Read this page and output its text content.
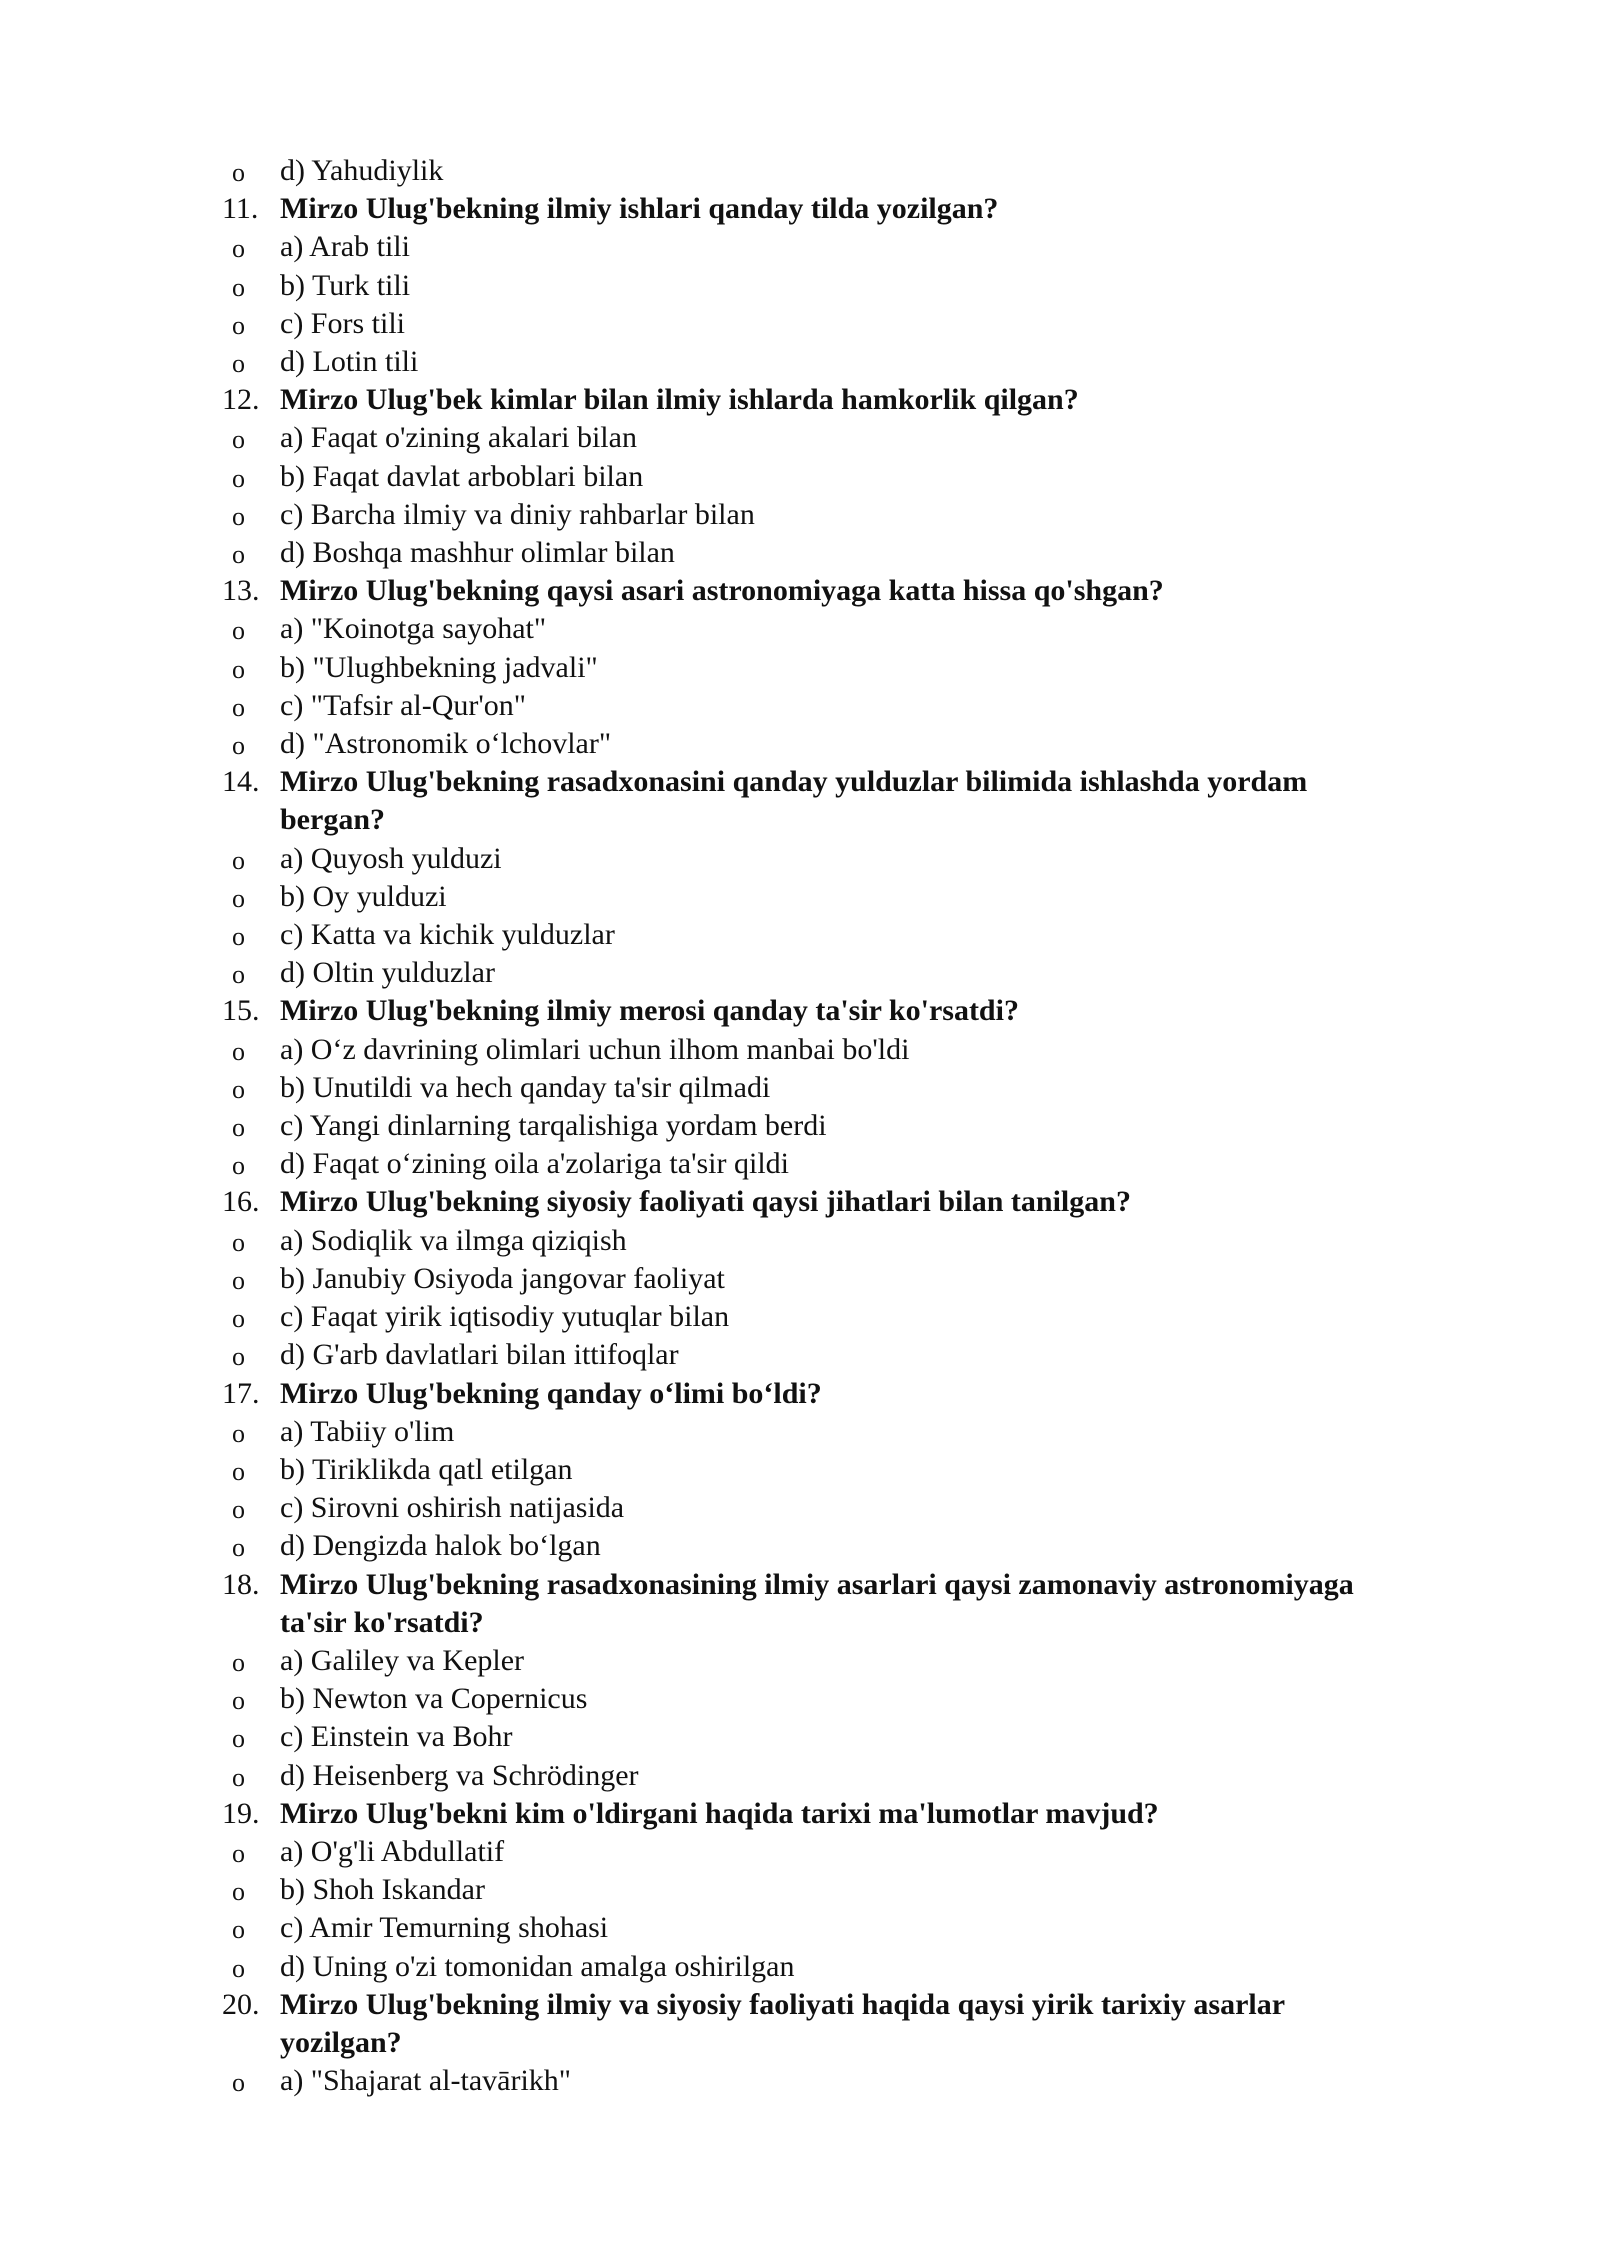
o d) Yahudiylik
11. Mirzo Ulug'bekning ilmiy ishlari qanday tilda yozilgan?
o a) Arab tili
o b) Turk tili
o c) Fors tili
o d) Lotin tili
12. Mirzo Ulug'bek kimlar bilan ilmiy ishlarda hamkorlik qilgan?
o a) Faqat o'zining akalari bilan
o b) Faqat davlat arboblari bilan
o c) Barcha ilmiy va diniy rahbarlar bilan
o d) Boshqa mashhur olimlar bilan
13. Mirzo Ulug'bekning qaysi asari astronomiyaga katta hissa qo'shgan?
o a) "Koinotga sayohat"
o b) "Ulughbekning jadvali"
o c) "Tafsir al-Qur'on"
o d) "Astronomik o‘lchovlar"
14. Mirzo Ulug'bekning rasadxonasini qanday yulduzlar bilimida ishlashda yordam
bergan?
o a) Quyosh yulduzi
o b) Oy yulduzi
o c) Katta va kichik yulduzlar
o d) Oltin yulduzlar
15. Mirzo Ulug'bekning ilmiy merosi qanday ta'sir ko'rsatdi?
o a) O‘z davrining olimlari uchun ilhom manbai bo'ldi
o b) Unutildi va hech qanday ta'sir qilmadi
o c) Yangi dinlarning tarqalishiga yordam berdi
o d) Faqat o‘zining oila a'zolariga ta'sir qildi
16. Mirzo Ulug'bekning siyosiy faoliyati qaysi jihatlari bilan tanilgan?
o a) Sodiqlik va ilmga qiziqish
o b) Janubiy Osiyoda jangovar faoliyat
o c) Faqat yirik iqtisodiy yutuqlar bilan
o d) G'arb davlatlari bilan ittifoqlar
17. Mirzo Ulug'bekning qanday o‘limi bo‘ldi?
o a) Tabiiy o'lim
o b) Tiriklikda qatl etilgan
o c) Sirovni oshirish natijasida
o d) Dengizda halok bo‘lgan
18. Mirzo Ulug'bekning rasadxonasining ilmiy asarlari qaysi zamonaviy astronomiyaga
ta'sir ko'rsatdi?
o a) Galiley va Kepler
o b) Newton va Copernicus
o c) Einstein va Bohr
o d) Heisenberg va Schrödinger
19. Mirzo Ulug'bekni kim o'ldirgani haqida tarixi ma'lumotlar mavjud?
o a) O'g'li Abdullatif
o b) Shoh Iskandar
o c) Amir Temurning shohasi
o d) Uning o'zi tomonidan amalga oshirilgan
20. Mirzo Ulug'bekning ilmiy va siyosiy faoliyati haqida qaysi yirik tarixiy asarlar
yozilgan?
o a) "Shajarat al-tavārikh"
